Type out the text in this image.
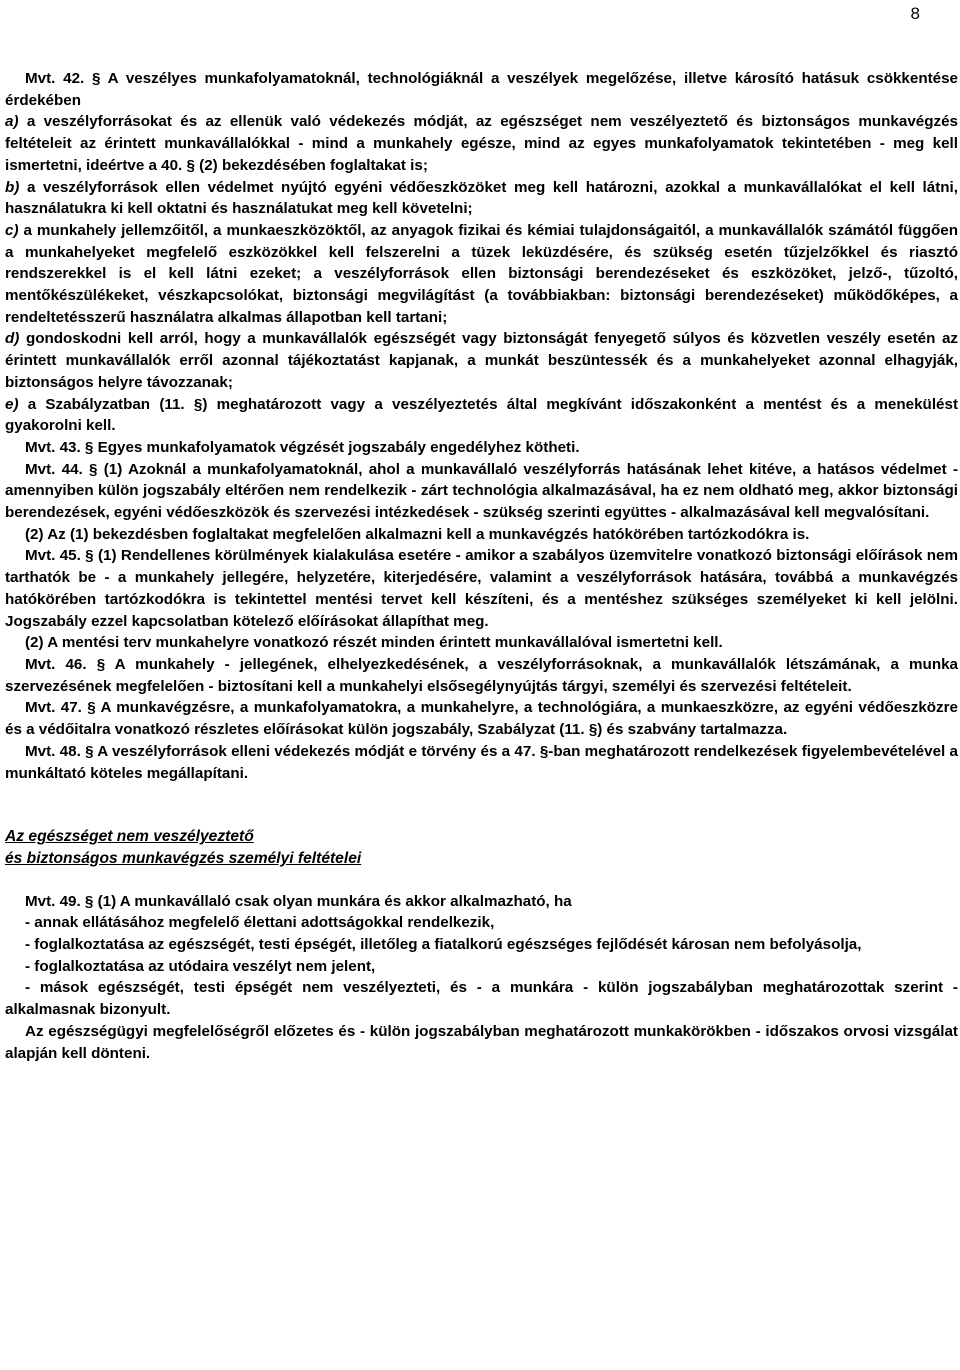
8

Mvt. 42. § A veszélyes munkafolyamatoknál, technológiáknál a veszélyek megelőzése, illetve károsító hatásuk csökkentése érdekében

a) a veszélyforrásokat és az ellenük való védekezés módját, az egészséget nem veszélyeztető és biztonságos munkavégzés feltételeit az érintett munkavállalókkal - mind a munkahely egésze, mind az egyes munkafolyamatok tekintetében - meg kell ismertetni, ideértve a 40. § (2) bekezdésében foglaltakat is;

b) a veszélyforrások ellen védelmet nyújtó egyéni védőeszközöket meg kell határozni, azokkal a munkavállalókat el kell látni, használatukra ki kell oktatni és használatukat meg kell követelni;

c) a munkahely jellemzőitől, a munkaeszközöktől, az anyagok fizikai és kémiai tulajdonságaitól, a munkavállalók számától függően a munkahelyeket megfelelő eszközökkel kell felszerelni a tüzek leküzdésére, és szükség esetén tűzjelzőkkel és riasztó rendszerekkel is el kell látni ezeket; a veszélyforrások ellen biztonsági berendezéseket és eszközöket, jelző-, tűzoltó, mentőkészülékeket, vészkapcsolókat, biztonsági megvilágítást (a továbbiakban: biztonsági berendezéseket) működőképes, a rendeltetésszerű használatra alkalmas állapotban kell tartani;

d) gondoskodni kell arról, hogy a munkavállalók egészségét vagy biztonságát fenyegető súlyos és közvetlen veszély esetén az érintett munkavállalók erről azonnal tájékoztatást kapjanak, a munkát beszüntessék és a munkahelyeket azonnal elhagyják, biztonságos helyre távozzanak;

e) a Szabályzatban (11. §) meghatározott vagy a veszélyeztetés által megkívánt időszakonként a mentést és a menekülést gyakorolni kell.

Mvt. 43. § Egyes munkafolyamatok végzését jogszabály engedélyhez kötheti.

Mvt. 44. § (1) Azoknál a munkafolyamatoknál, ahol a munkavállaló veszélyforrás hatásának lehet kitéve, a hatásos védelmet - amennyiben külön jogszabály eltérően nem rendelkezik - zárt technológia alkalmazásával, ha ez nem oldható meg, akkor biztonsági berendezések, egyéni védőeszközök és szervezési intézkedések - szükség szerinti együttes - alkalmazásával kell megvalósítani.

(2) Az (1) bekezdésben foglaltakat megfelelően alkalmazni kell a munkavégzés hatókörében tartózkodókra is.

Mvt. 45. § (1) Rendellenes körülmények kialakulása esetére - amikor a szabályos üzemvitelre vonatkozó biztonsági előírások nem tarthatók be - a munkahely jellegére, helyzetére, kiterjedésére, valamint a veszélyforrások hatására, továbbá a munkavégzés hatókörében tartózkodókra is tekintettel mentési tervet kell készíteni, és a mentéshez szükséges személyeket ki kell jelölni. Jogszabály ezzel kapcsolatban kötelező előírásokat állapíthat meg.

(2) A mentési terv munkahelyre vonatkozó részét minden érintett munkavállalóval ismertetni kell.

Mvt. 46. § A munkahely - jellegének, elhelyezkedésének, a veszélyforrásoknak, a munkavállalók létszámának, a munka szervezésének megfelelően - biztosítani kell a munkahelyi elsősegélynyújtás tárgyi, személyi és szervezési feltételeit.

Mvt. 47. § A munkavégzésre, a munkafolyamatokra, a munkahelyre, a technológiára, a munkaeszközre, az egyéni védőeszközre és a védőitalra vonatkozó részletes előírásokat külön jogszabály, Szabályzat (11. §) és szabvány tartalmazza.

Mvt. 48. § A veszélyforrások elleni védekezés módját e törvény és a 47. §-ban meghatározott rendelkezések figyelembevételével a munkáltató köteles megállapítani.

Az egészséget nem veszélyeztető

és biztonságos munkavégzés személyi feltételei

Mvt. 49. § (1) A munkavállaló csak olyan munkára és akkor alkalmazható, ha

- annak ellátásához megfelelő élettani adottságokkal rendelkezik,

- foglalkoztatása az egészségét, testi épségét, illetőleg a fiatalkorú egészséges fejlődését károsan nem befolyásolja,

- foglalkoztatása az utódaira veszélyt nem jelent,

- mások egészségét, testi épségét nem veszélyezteti, és - a munkára - külön jogszabályban meghatározottak szerint - alkalmasnak bizonyult.

Az egészségügyi megfelelőségről előzetes és - külön jogszabályban meghatározott munkakörökben - időszakos orvosi vizsgálat alapján kell dönteni.
